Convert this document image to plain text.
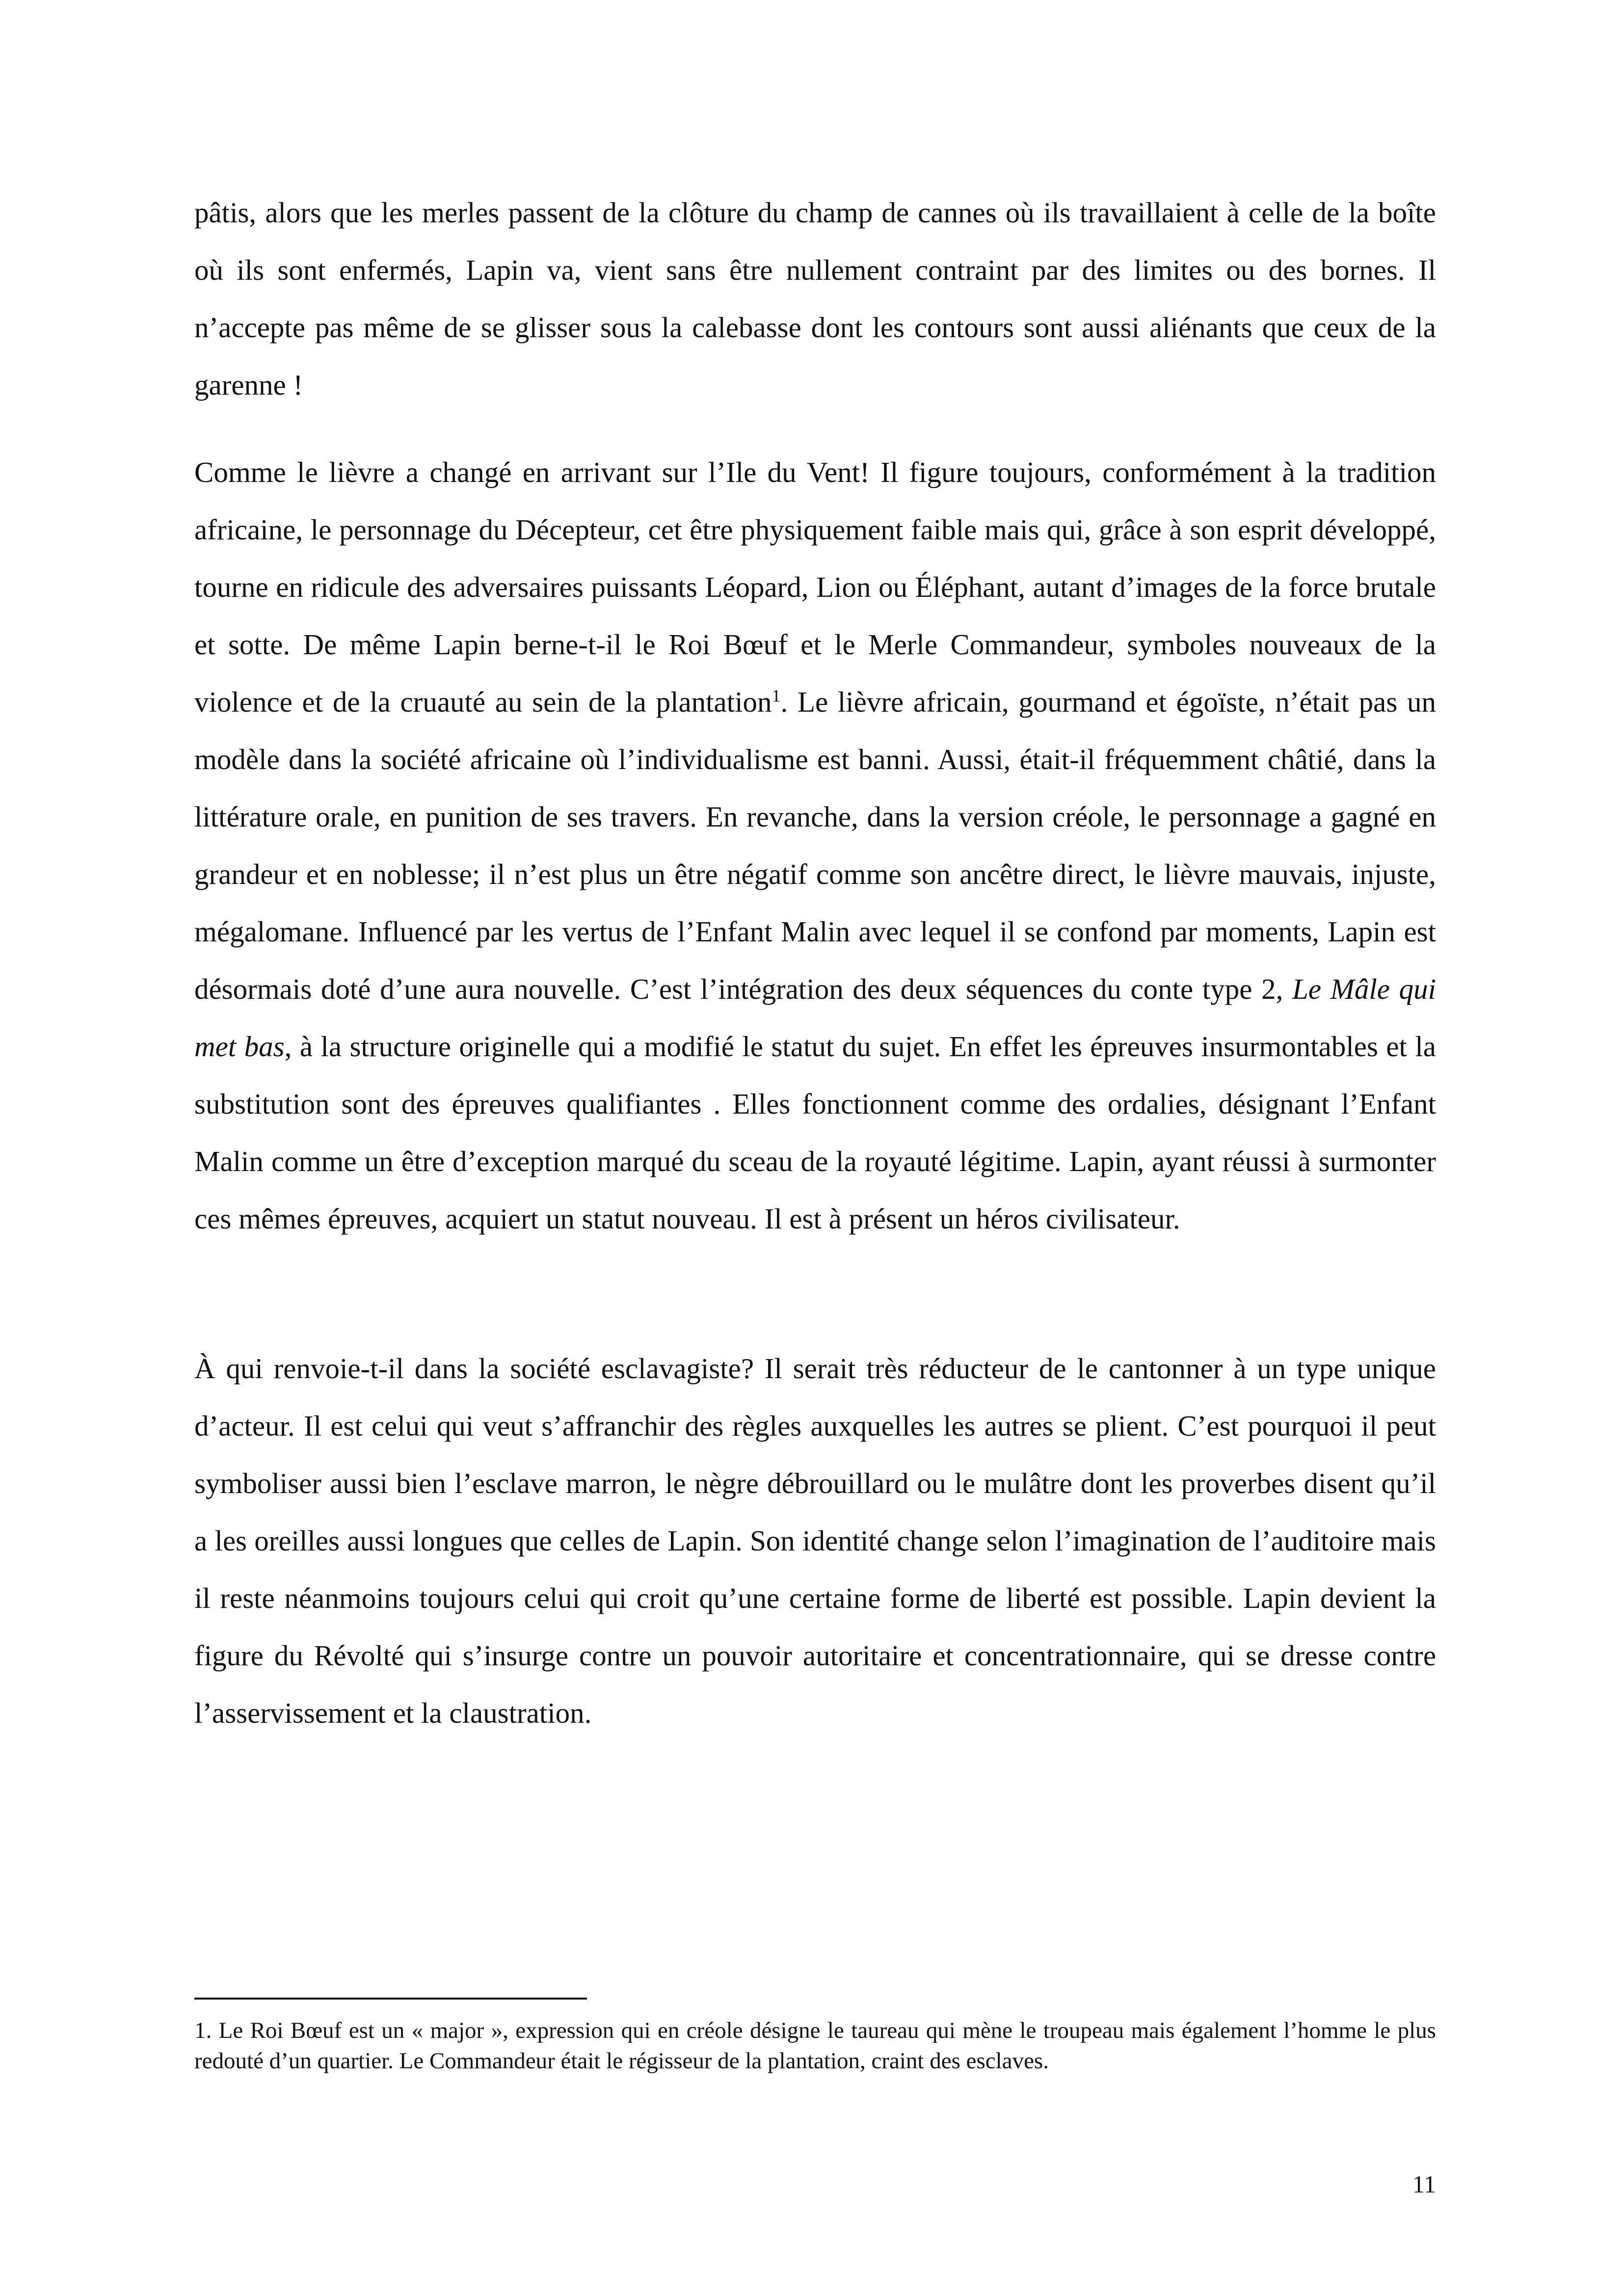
pâtis, alors que les merles passent de la clôture du champ de cannes où ils travaillaient à celle de la boîte où ils sont enfermés, Lapin va, vient sans être nullement contraint par des limites ou des bornes. Il n’accepte pas même de se glisser sous la calebasse dont les contours sont aussi aliénants que ceux de la garenne !

Comme le lièvre a changé en arrivant sur l’Ile du Vent! Il figure toujours, conformément à la tradition africaine, le personnage du Décepteur, cet être physiquement faible mais qui, grâce à son esprit développé, tourne en ridicule des adversaires puissants Léopard, Lion ou Éléphant, autant d’images de la force brutale et sotte. De même Lapin berne-t-il le Roi Bœuf et le Merle Commandeur, symboles nouveaux de la violence et de la cruauté au sein de la plantation$^1$. Le lièvre africain, gourmand et égoïste, n’était pas un modèle dans la société africaine où l’individualisme est banni. Aussi, était-il fréquemment châtié, dans la littérature orale, en punition de ses travers. En revanche, dans la version créole, le personnage a gagné en grandeur et en noblesse; il n’est plus un être négatif comme son ancêtre direct, le lièvre mauvais, injuste, mégalomane. Influencé par les vertus de l’Enfant Malin avec lequel il se confond par moments, Lapin est désormais doté d’une aura nouvelle. C’est l’intégration des deux séquences du conte type 2, Le Mâle qui met bas, à la structure originelle qui a modifié le statut du sujet. En effet les épreuves insurmontables et la substitution sont des épreuves qualifiantes . Elles fonctionnent comme des ordalies, désignant l’Enfant Malin comme un être d’exception marqué du sceau de la royauté légitime. Lapin, ayant réussi à surmonter ces mêmes épreuves, acquiert un statut nouveau. Il est à présent un héros civilisateur.

À qui renvoie-t-il dans la société esclavagiste? Il serait très réducteur de le cantonner à un type unique d’acteur. Il est celui qui veut s’affranchir des règles auxquelles les autres se plient. C’est pourquoi il peut symboliser aussi bien l’esclave marron, le nègre débrouillard ou le mulâtre dont les proverbes disent qu’il a les oreilles aussi longues que celles de Lapin. Son identité change selon l’imagination de l’auditoire mais il reste néanmoins toujours celui qui croit qu’une certaine forme de liberté est possible. Lapin devient la figure du Révolté qui s’insurge contre un pouvoir autoritaire et concentrationnaire, qui se dresse contre l’asservissement et la claustration.

1. Le Roi Bœuf est un « major », expression qui en créole désigne le taureau qui mène le troupeau mais également l’homme le plus redouté d’un quartier. Le Commandeur était le régisseur de la plantation, craint des esclaves.

11
